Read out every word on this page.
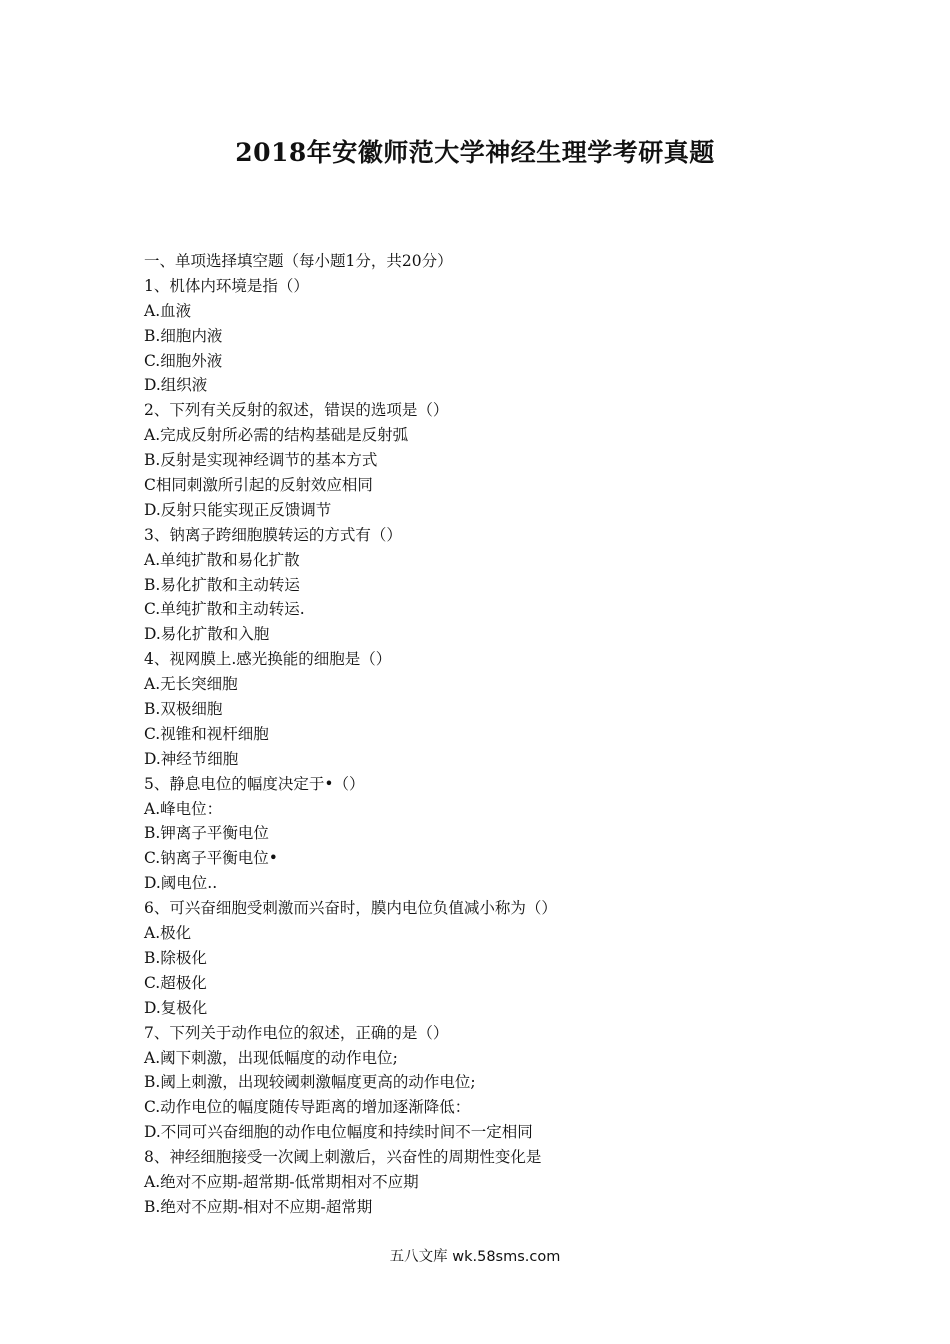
2018年安徽师范大学神经生理学考研真题
一、单项选择填空题（每小题1分，共20分）
1、机体内环境是指（）
A.血液
B.细胞内液
C.细胞外液
D.组织液
2、下列有关反射的叙述，错误的选项是（）
A.完成反射所必需的结构基础是反射弧
B.反射是实现神经调节的基本方式
C相同刺激所引起的反射效应相同
D.反射只能实现正反馈调节
3、钠离子跨细胞膜转运的方式有（）
A.单纯扩散和易化扩散
B.易化扩散和主动转运
C.单纯扩散和主动转运.
D.易化扩散和入胞
4、视网膜上.感光换能的细胞是（）
A.无长突细胞
B.双极细胞
C.视锥和视杆细胞
D.神经节细胞
5、静息电位的幅度决定于•（）
A.峰电位：
B.钾离子平衡电位
C.钠离子平衡电位•
D.阈电位..
6、可兴奋细胞受刺激而兴奋时，膜内电位负值减小称为（）
A.极化
B.除极化
C.超极化
D.复极化
7、下列关于动作电位的叙述，正确的是（）
A.阈下刺激，出现低幅度的动作电位;
B.阈上刺激，出现较阈刺激幅度更高的动作电位;
C.动作电位的幅度随传导距离的增加逐渐降低：
D.不同可兴奋细胞的动作电位幅度和持续时间不一定相同
8、神经细胞接受一次阈上刺激后，兴奋性的周期性变化是
A.绝对不应期-超常期-低常期相对不应期
B.绝对不应期-相对不应期-超常期
五八文库 wk.58sms.com
